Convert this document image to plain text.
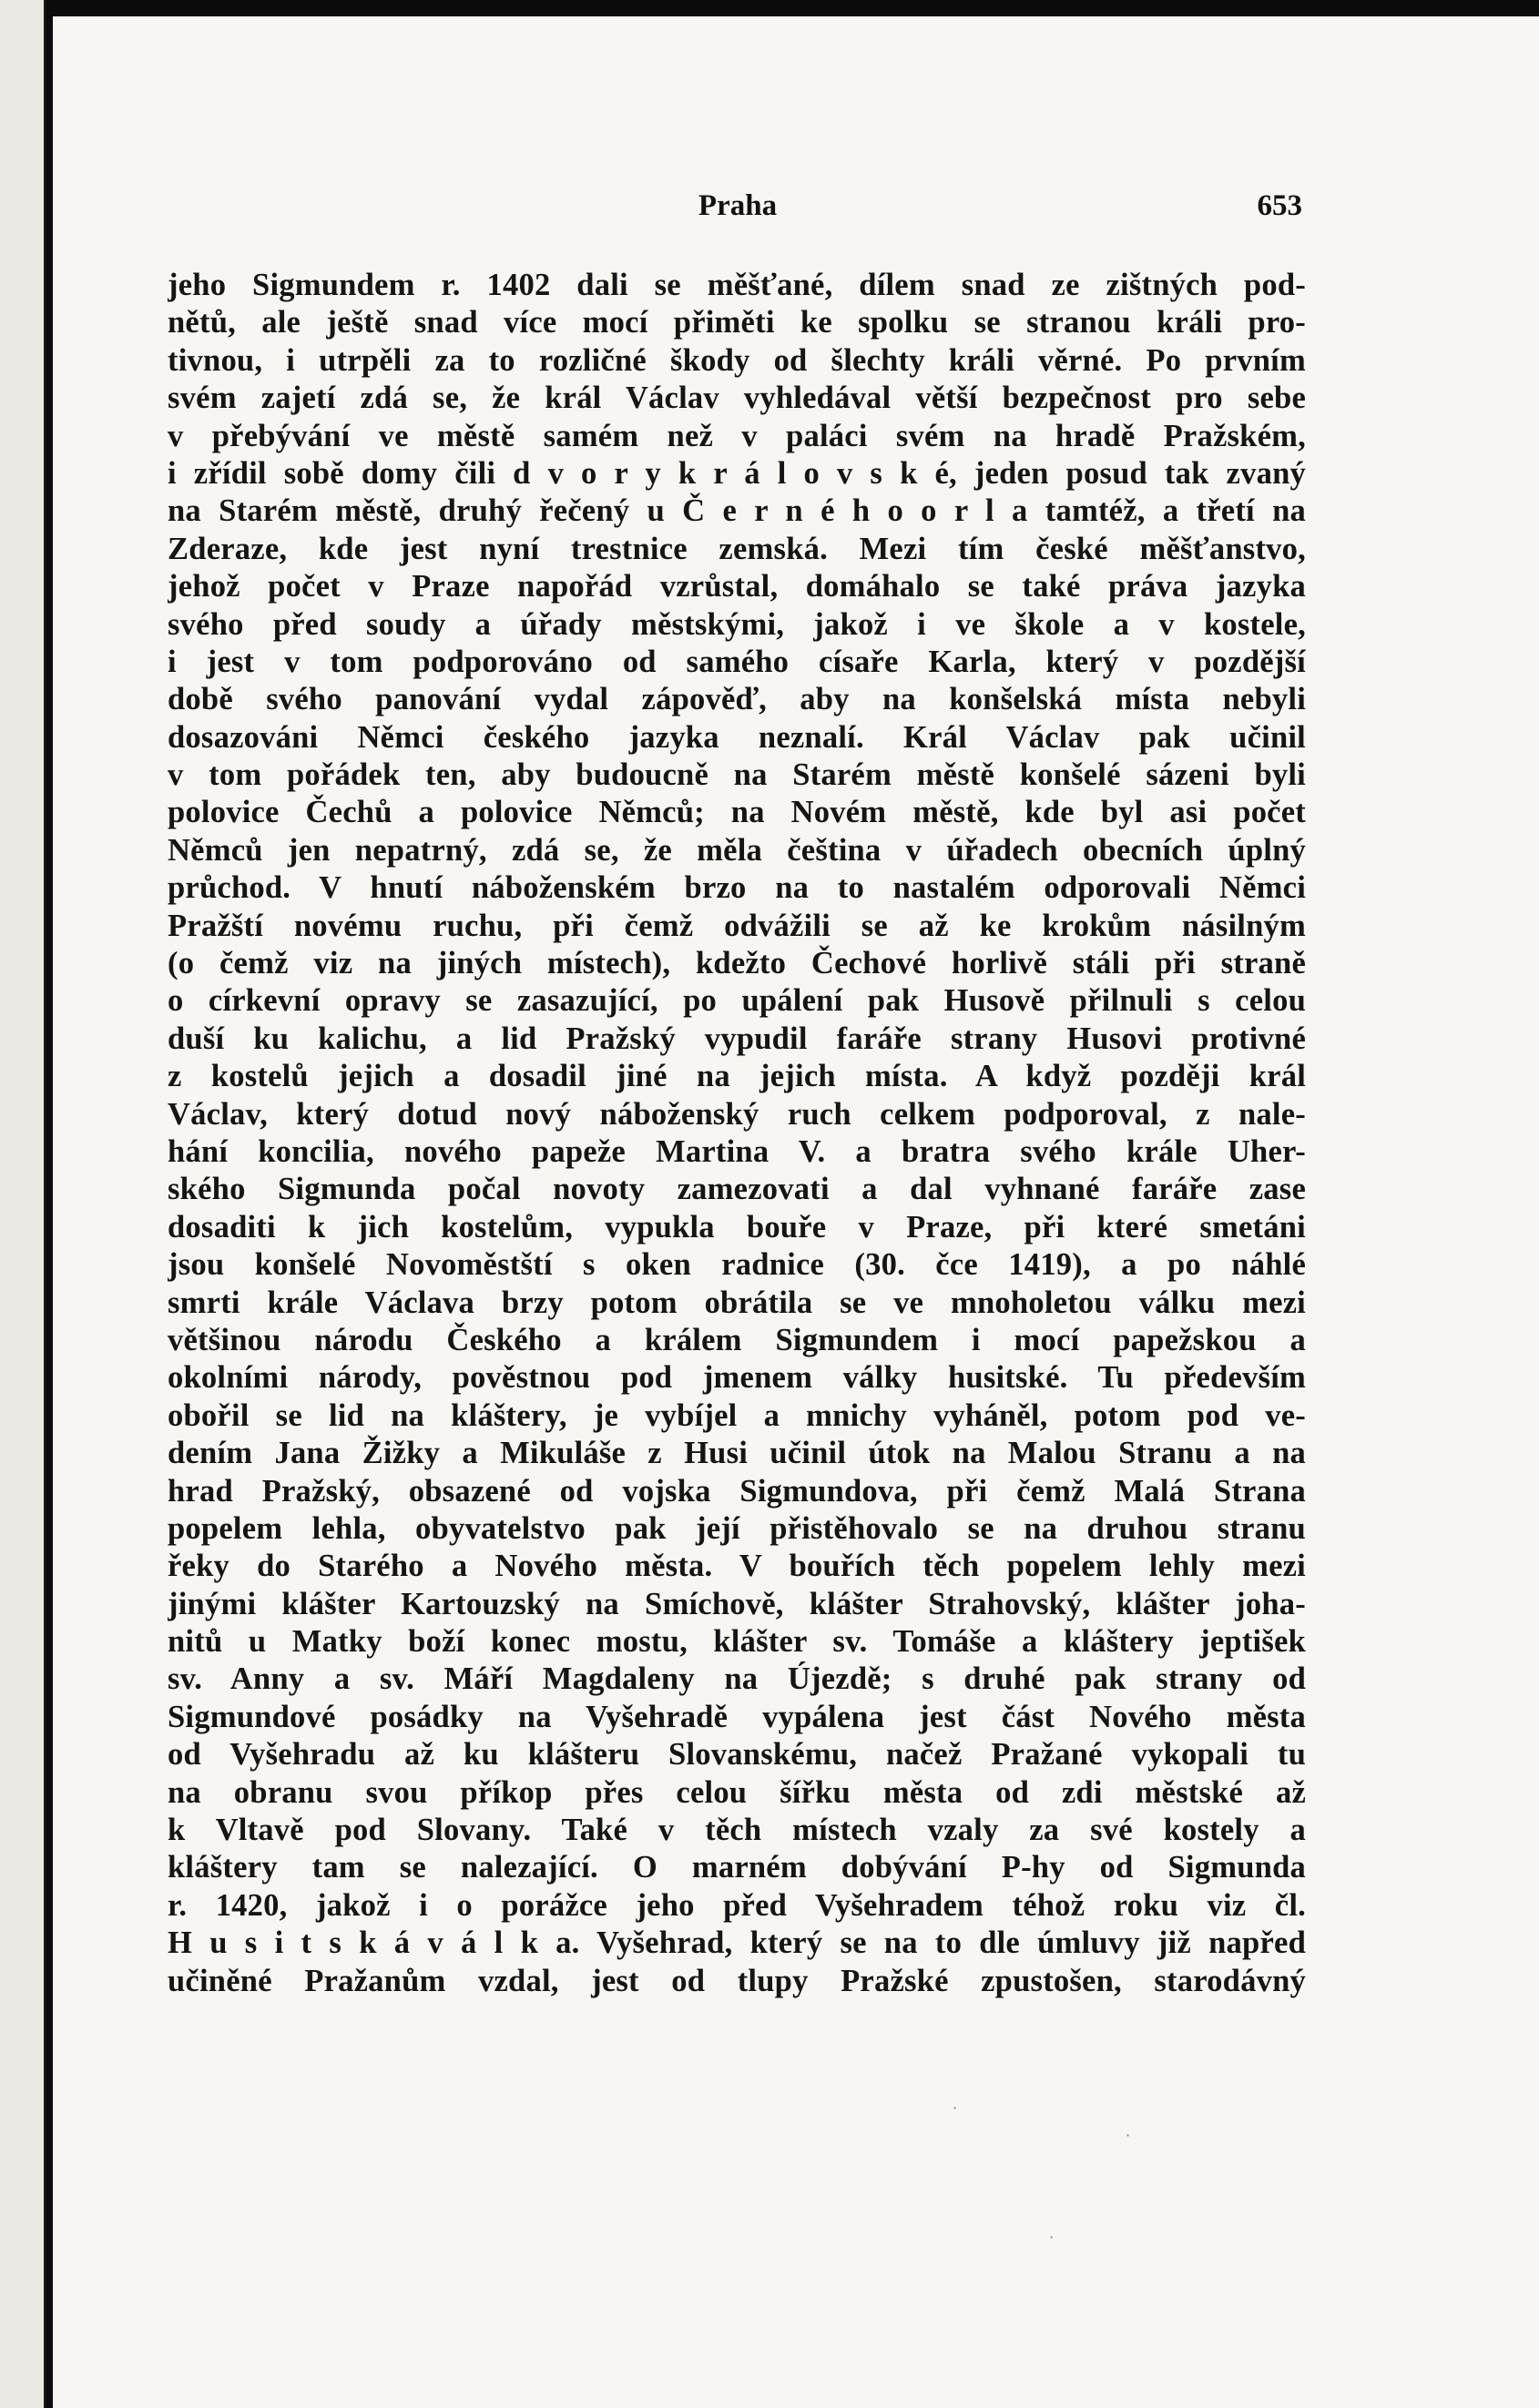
Praha	653
jeho Sigmundem r. 1402 dali se měšťané, dílem snad ze zištných pod-
nětů, ale ještě snad více mocí přiměti ke spolku se stranou králi pro-
tivnou, i utrpěli za to rozličné škody od šlechty králi věrné. Po prvním
svém zajetí zdá se, že král Václav vyhledával větší bezpečnost pro sebe
v přebývání ve městě samém než v paláci svém na hradě Pražském,
i zřídil sobě domy čili d v o r y k r á l o v s k é, jeden posud tak zvaný
na Starém městě, druhý řečený u Č e r n é h o o r l a tamtéž, a třetí na
Zderaze, kde jest nyní trestnice zemská. Mezi tím české měšťanstvo,
jehož počet v Praze napořád vzrůstal, domáhalo se také práva jazyka
svého před soudy a úřady městskými, jakož i ve škole a v kostele,
i jest v tom podporováno od samého císaře Karla, který v pozdější
době svého panování vydal zápověď, aby na konšelská místa nebyli
dosazováni Němci českého jazyka neznalí. Král Václav pak učinil
v tom pořádek ten, aby budoucně na Starém městě konšelé sázeni byli
polovice Čechů a polovice Němců; na Novém městě, kde byl asi počet
Němců jen nepatrný, zdá se, že měla čeština v úřadech obecních úplný
průchod. V hnutí náboženském brzo na to nastalém odporovali Němci
Pražští novému ruchu, při čemž odvážili se až ke krokům násilným
(o čemž viz na jiných místech), kdežto Čechové horlivě stáli při straně
o církevní opravy se zasazující, po upálení pak Husově přilnuli s celou
duší ku kalichu, a lid Pražský vypudil faráře strany Husovi protivné
z kostelů jejich a dosadil jiné na jejich místa. A když později král
Václav, který dotud nový náboženský ruch celkem podporoval, z nale-
hání koncilia, nového papeže Martina V. a bratra svého krále Uher-
ského Sigmunda počal novoty zamezovati a dal vyhnané faráře zase
dosaditi k jich kostelům, vypukla bouře v Praze, při které smetáni
jsou konšelé Novoměstští s oken radnice (30. čce 1419), a po náhlé
smrti krále Václava brzy potom obrátila se ve mnoholetou válku mezi
většinou národu Českého a králem Sigmundem i mocí papežskou a
okolními národy, pověstnou pod jmenem války husitské. Tu především
obořil se lid na kláštery, je vybíjel a mnichy vyháněl, potom pod ve-
dením Jana Žižky a Mikuláše z Husi učinil útok na Malou Stranu a na
hrad Pražský, obsazené od vojska Sigmundova, při čemž Malá Strana
popelem lehla, obyvatelstvo pak její přistěhovalo se na druhou stranu
řeky do Starého a Nového města. V bouřích těch popelem lehly mezi
jinými klášter Kartouzský na Smíchově, klášter Strahovský, klášter joha-
nitů u Matky boží konec mostu, klášter sv. Tomáše a kláštery jeptišek
sv. Anny a sv. Máří Magdaleny na Újezdě; s druhé pak strany od
Sigmundové posádky na Vyšehradě vypálena jest část Nového města
od Vyšehradu až ku klášteru Slovanskému, načež Pražané vykopali tu
na obranu svou příkop přes celou šířku města od zdi městské až
k Vltavě pod Slovany. Také v těch místech vzaly za své kostely a
kláštery tam se nalezající. O marném dobývání P-hy od Sigmunda
r. 1420, jakož i o porážce jeho před Vyšehradem téhož roku viz čl.
H u s i t s k á v á l k a. Vyšehrad, který se na to dle úmluvy již napřed
učiněné Pražanům vzdal, jest od tlupy Pražské zpustošen, starodávný
·
·
·
